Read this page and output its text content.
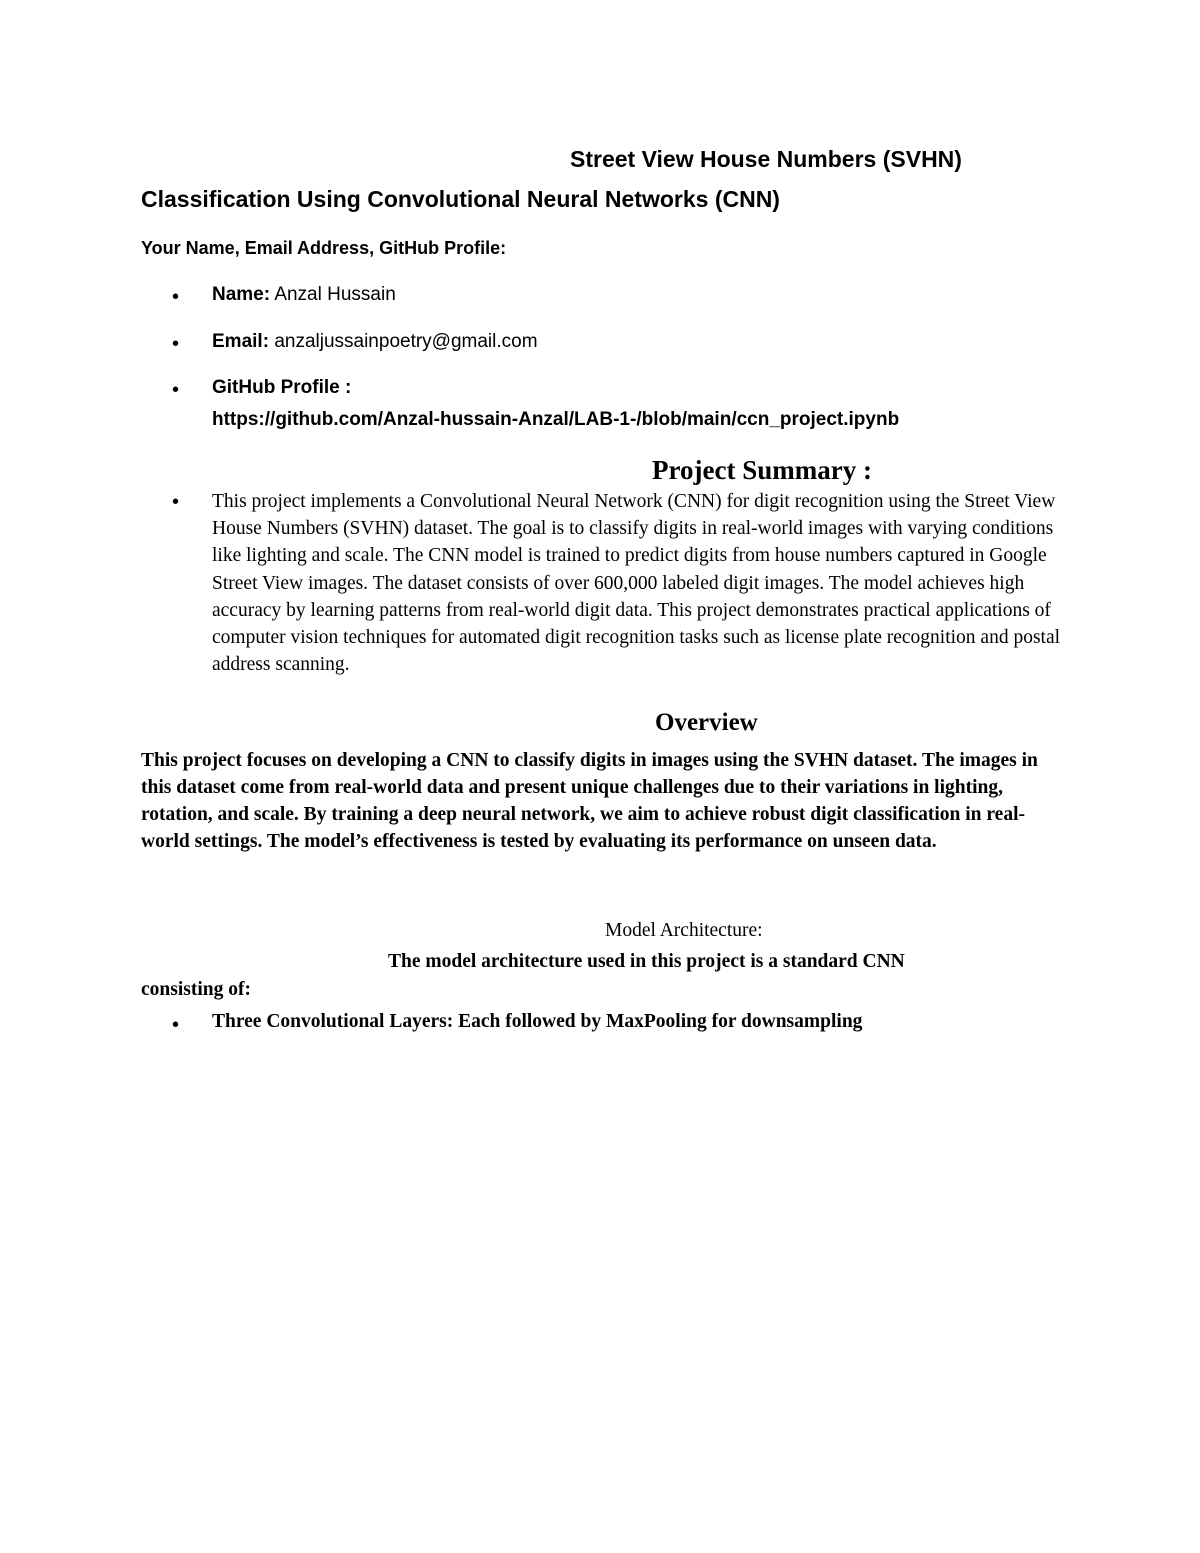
Street View House Numbers (SVHN)
Classification Using Convolutional Neural Networks (CNN)
Your Name, Email Address, GitHub Profile:
• Name: Anzal Hussain
• Email: anzaljussainpoetry@gmail.com
• GitHub Profile :
https://github.com/Anzal-hussain-Anzal/LAB-1-/blob/main/ccn_project.ipynb
Project Summary :
• This project implements a Convolutional Neural Network (CNN) for digit recognition using the Street View House Numbers (SVHN) dataset. The goal is to classify digits in real-world images with varying conditions like lighting and scale. The CNN model is trained to predict digits from house numbers captured in Google Street View images. The dataset consists of over 600,000 labeled digit images. The model achieves high accuracy by learning patterns from real-world digit data. This project demonstrates practical applications of computer vision techniques for automated digit recognition tasks such as license plate recognition and postal address scanning.

Overview

This project focuses on developing a CNN to classify digits in images using the SVHN dataset. The images in this dataset come from real-world data and present unique challenges due to their variations in lighting, rotation, and scale. By training a deep neural network, we aim to achieve robust digit classification in real-world settings. The model’s effectiveness is tested by evaluating its performance on unseen data.

Model Architecture:
The model architecture used in this project is a standard CNN
consisting of:
• Three Convolutional Layers: Each followed by MaxPooling for downsampling
